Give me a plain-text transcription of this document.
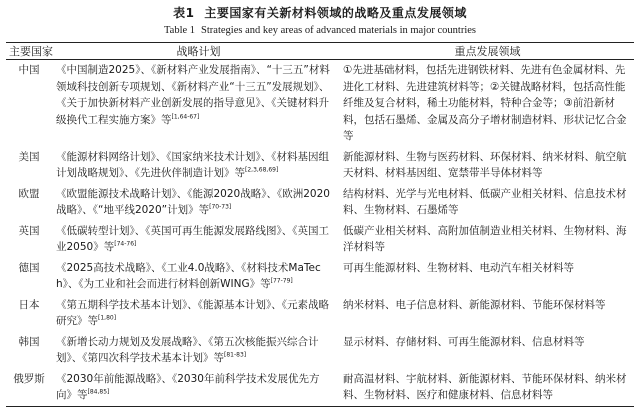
表1 主要国家有关新材料领域的战略及重点发展领域
Table 1 Strategies and key areas of advanced materials in major countries
主要国家	战略计划	重点发展领域
中国	《中国制造2025》、《新材料产业发展指南》、“十三五”材料领域科技创新专项规划、《新材料产业“十三五”发展规划》、《关于加快新材料产业创新发展的指导意见》、《关键材料升级换代工程实施方案》等[1,64-67]	①先进基础材料，包括先进钢铁材料、先进有色金属材料、先进化工材料、先进建筑材料等；②关键战略材料，包括高性能纤维及复合材料，稀土功能材料，特种合金等；③前沿新材料，包括石墨烯、金属及高分子增材制造材料、形状记忆合金等
美国	《能源材料网络计划》、《国家纳米技术计划》、《材料基因组计划战略规划》、《先进伙伴制造计划》等[2,3,68,69]	新能源材料、生物与医药材料、环保材料、纳米材料、航空航天材料、材料基因组、宽禁带半导体材料等
欧盟	《欧盟能源技术战略计划》、《能源2020战略》、《欧洲2020战略》、《“地平线2020”计划》等[70-73]	结构材料、光学与光电材料、低碳产业相关材料、信息技术材料、生物材料、石墨烯等
英国	《低碳转型计划》、《英国可再生能源发展路线图》、《英国工业2050》等[74-76]	低碳产业相关材料、高附加值制造业相关材料、生物材料、海洋材料等
德国	《2025高技术战略》、《工业4.0战略》、《材料技术MaTech》、《为工业和社会而进行材料创新WING》等[77-79]	可再生能源材料、生物材料、电动汽车相关材料等
日本	《第五期科学技术基本计划》、《能源基本计划》、《元素战略研究》等[1,80]	纳米材料、电子信息材料、新能源材料、节能环保材料等
韩国	《新增长动力规划及发展战略》、《第五次核能振兴综合计划》、《第四次科学技术基本计划》等[81-83]	显示材料、存储材料、可再生能源材料、信息材料等
俄罗斯	《2030年前能源战略》、《2030年前科学技术发展优先方向》等[84,85]	耐高温材料、宇航材料、新能源材料、节能环保材料、纳米材料、生物材料、医疗和健康材料、信息材料等
